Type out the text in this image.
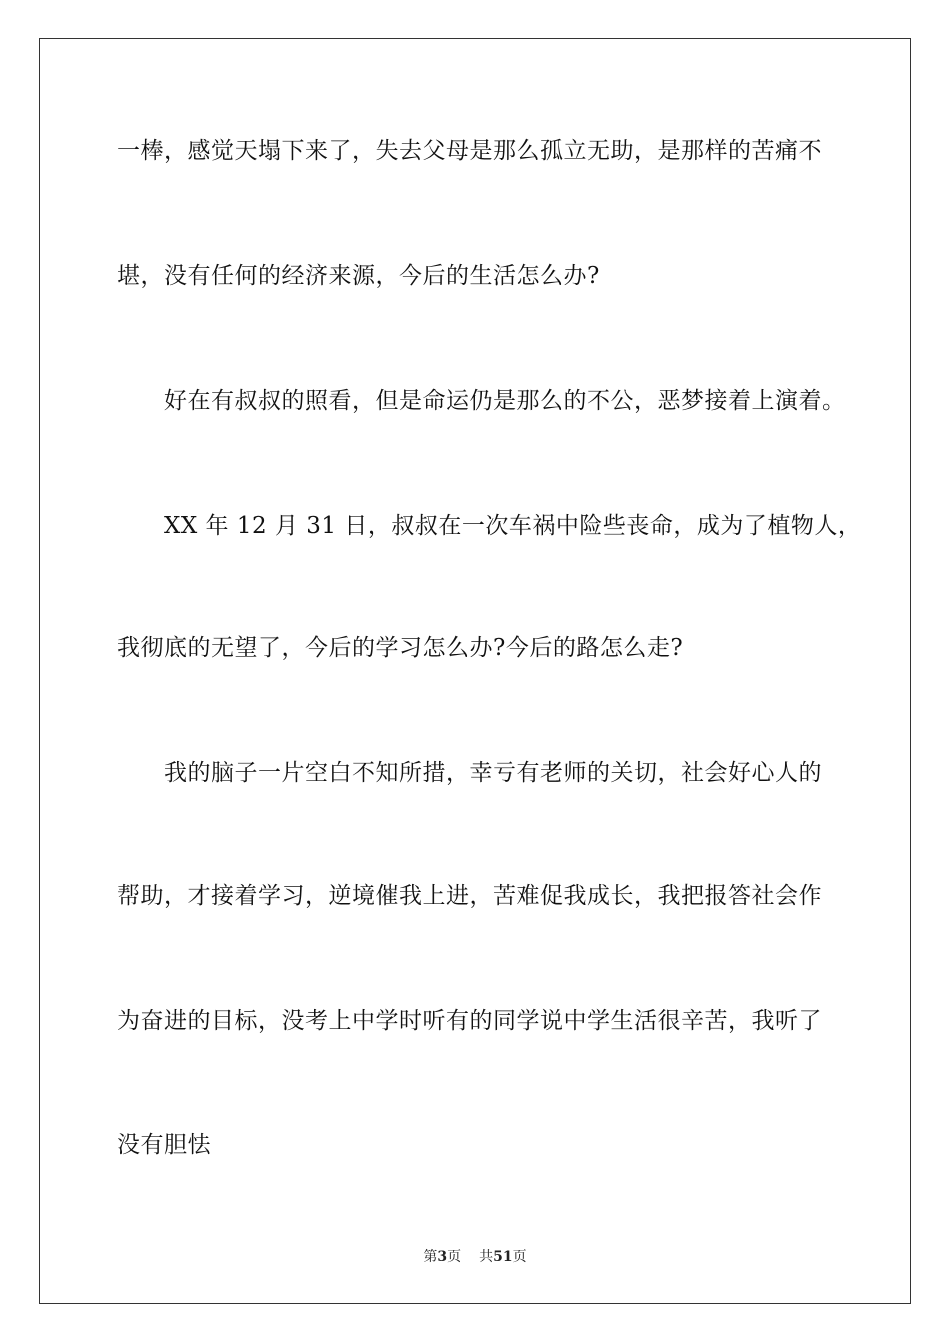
一棒，感觉天塌下来了，失去父母是那么孤立无助，是那样的苦痛不
堪，没有任何的经济来源，今后的生活怎么办?
好在有叔叔的照看，但是命运仍是那么的不公，恶梦接着上演着。
XX 年 12 月 31 日，叔叔在一次车祸中险些丧命，成为了植物人，
我彻底的无望了，今后的学习怎么办?今后的路怎么走?
我的脑子一片空白不知所措，幸亏有老师的关切，社会好心人的
帮助，才接着学习，逆境催我上进，苦难促我成长，我把报答社会作
为奋进的目标，没考上中学时听有的同学说中学生活很辛苦，我听了
没有胆怯
第3页 共51页
